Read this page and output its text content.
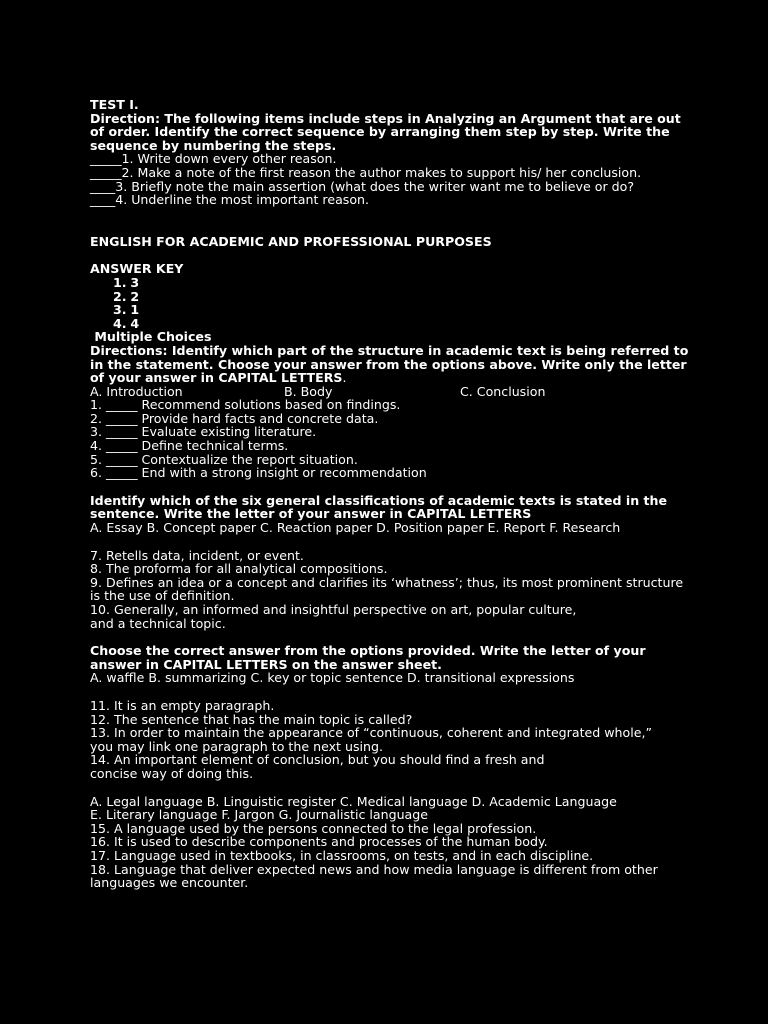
TEST I.
Direction: The following items include steps in Analyzing an Argument that are out of order. Identify the correct sequence by arranging them step by step. Write the sequence by numbering the steps.
_____1. Write down every other reason.
_____2. Make a note of the first reason the author makes to support his/ her conclusion.
____3. Briefly note the main assertion (what does the writer want me to believe or do?
____4. Underline the most important reason.
ENGLISH FOR ACADEMIC AND PROFESSIONAL PURPOSES
ANSWER KEY
1. 3
2. 2
3. 1
4. 4
Multiple Choices
Directions: Identify which part of the structure in academic text is being referred to in the statement. Choose your answer from the options above. Write only the letter of your answer in CAPITAL LETTERS.
A. Introduction	B. Body	C. Conclusion
1. _____ Recommend solutions based on findings.
2. _____ Provide hard facts and concrete data.
3. _____ Evaluate existing literature.
4. _____ Define technical terms.
5. _____ Contextualize the report situation.
6. _____ End with a strong insight or recommendation
Identify which of the six general classifications of academic texts is stated in the sentence. Write the letter of your answer in CAPITAL LETTERS
A. Essay B. Concept paper C. Reaction paper D. Position paper E. Report F. Research
7. Retells data, incident, or event.
8. The proforma for all analytical compositions.
9. Defines an idea or a concept and clarifies its ‘whatness’; thus, its most prominent structure is the use of definition.
10. Generally, an informed and insightful perspective on art, popular culture,
and a technical topic.
Choose the correct answer from the options provided. Write the letter of your answer in CAPITAL LETTERS on the answer sheet.
A. waffle B. summarizing C. key or topic sentence D. transitional expressions
11. It is an empty paragraph.
12. The sentence that has the main topic is called?
13. In order to maintain the appearance of “continuous, coherent and integrated whole,”
you may link one paragraph to the next using.
14. An important element of conclusion, but you should find a fresh and
concise way of doing this.
A. Legal language B. Linguistic register C. Medical language D. Academic Language
E. Literary language F. Jargon G. Journalistic language
15. A language used by the persons connected to the legal profession.
16. It is used to describe components and processes of the human body.
17. Language used in textbooks, in classrooms, on tests, and in each discipline.
18. Language that deliver expected news and how media language is different from other languages we encounter.
